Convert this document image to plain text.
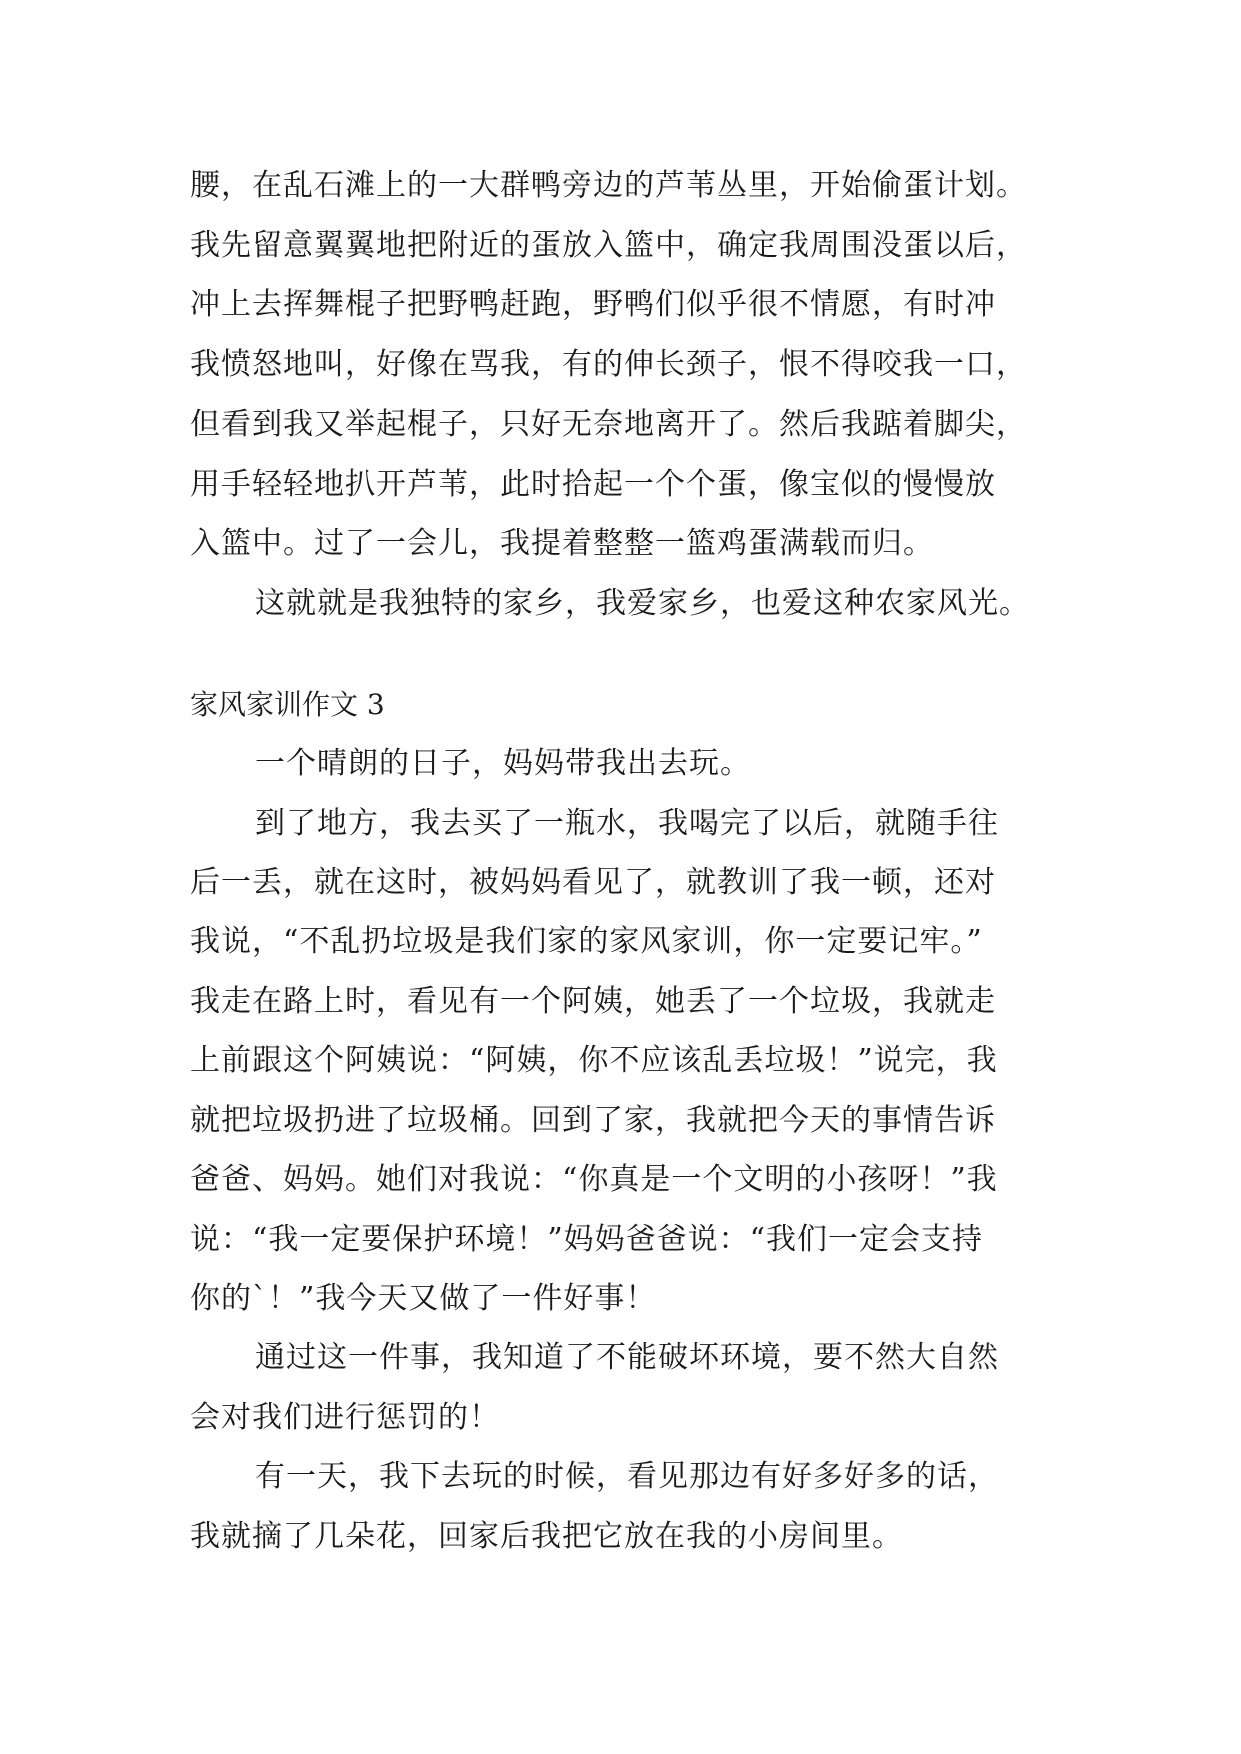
腰，在乱石滩上的一大群鸭旁边的芦苇丛里，开始偷蛋计划。
我先留意翼翼地把附近的蛋放入篮中，确定我周围没蛋以后，
冲上去挥舞棍子把野鸭赶跑，野鸭们似乎很不情愿，有时冲
我愤怒地叫，好像在骂我，有的伸长颈子，恨不得咬我一口，
但看到我又举起棍子，只好无奈地离开了。然后我踮着脚尖，
用手轻轻地扒开芦苇，此时拾起一个个蛋，像宝似的慢慢放
入篮中。过了一会儿，我提着整整一篮鸡蛋满载而归。
这就就是我独特的家乡，我爱家乡，也爱这种农家风光。
家风家训作文 3
一个晴朗的日子，妈妈带我出去玩。
到了地方，我去买了一瓶水，我喝完了以后，就随手往
后一丢，就在这时，被妈妈看见了，就教训了我一顿，还对
我说，“不乱扔垃圾是我们家的家风家训，你一定要记牢。”
我走在路上时，看见有一个阿姨，她丢了一个垃圾，我就走
上前跟这个阿姨说：“阿姨，你不应该乱丢垃圾！”说完，我
就把垃圾扔进了垃圾桶。回到了家，我就把今天的事情告诉
爸爸、妈妈。她们对我说：“你真是一个文明的小孩呀！”我
说：“我一定要保护环境！”妈妈爸爸说：“我们一定会支持
你的`！”我今天又做了一件好事！
通过这一件事，我知道了不能破坏环境，要不然大自然
会对我们进行惩罚的！
有一天，我下去玩的时候，看见那边有好多好多的话，
我就摘了几朵花，回家后我把它放在我的小房间里。
